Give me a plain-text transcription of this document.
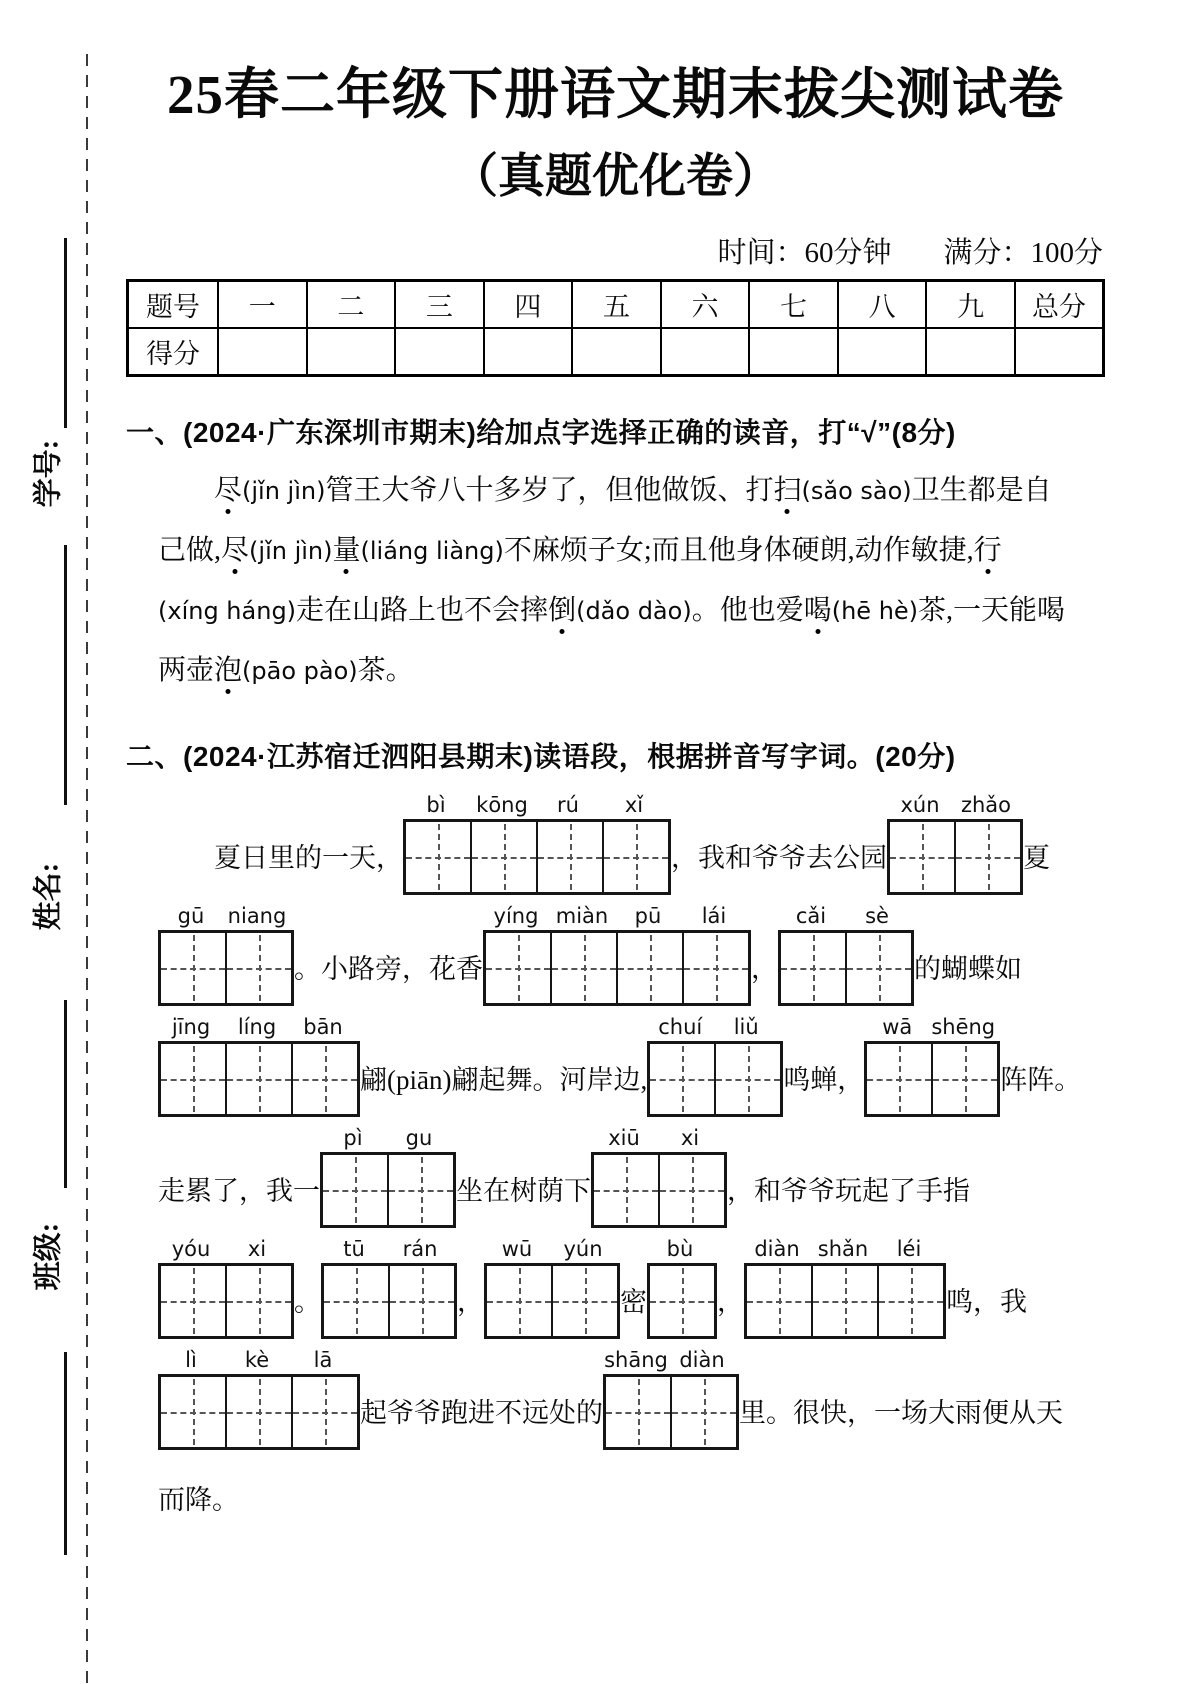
学号:
姓名:
班级:
25春二年级下册语文期末拔尖测试卷
（真题优化卷）
时间：60分钟 满分：100分
题号	一	二	三	四	五	六	七	八	九	总分
得分										
一、(2024·广东深圳市期末)给加点字选择正确的读音，打“√”(8分)
尽(jǐn jìn)管王大爷八十多岁了，但他做饭、打扫(sǎo sào)卫生都是自
己做,尽(jǐn jìn)量(liáng liàng)不麻烦子女;而且他身体硬朗,动作敏捷,行
(xíng háng)走在山路上也不会摔倒(dǎo dào)。他也爱喝(hē hè)茶,一天能喝
两壶泡(pāo pào)茶。
二、(2024·江苏宿迁泗阳县期末)读语段，根据拼音写字词。(20分)
夏日里的一天，
bì	kōng	rú	xǐ
，我和爷爷去公园
xún	zhǎo
夏
gū	niang
。小路旁，花香
yíng miàn	pū	lái
，
cǎi	sè
的蝴蝶如
jīng	líng	bān
翩(piān)翩起舞。河岸边,
chuí	liǔ
鸣蝉，
wā shēng
阵阵。
走累了，我一
pì	gu
坐在树荫下
xiū	xi
，和爷爷玩起了手指
yóu	xi
。
tū	rán
，
wū	yún
密
bù
，
diàn shǎn	léi
鸣，我
lì	kè	lā
起爷爷跑进不远处的
shāng diàn
里。很快，一场大雨便从天
而降。
